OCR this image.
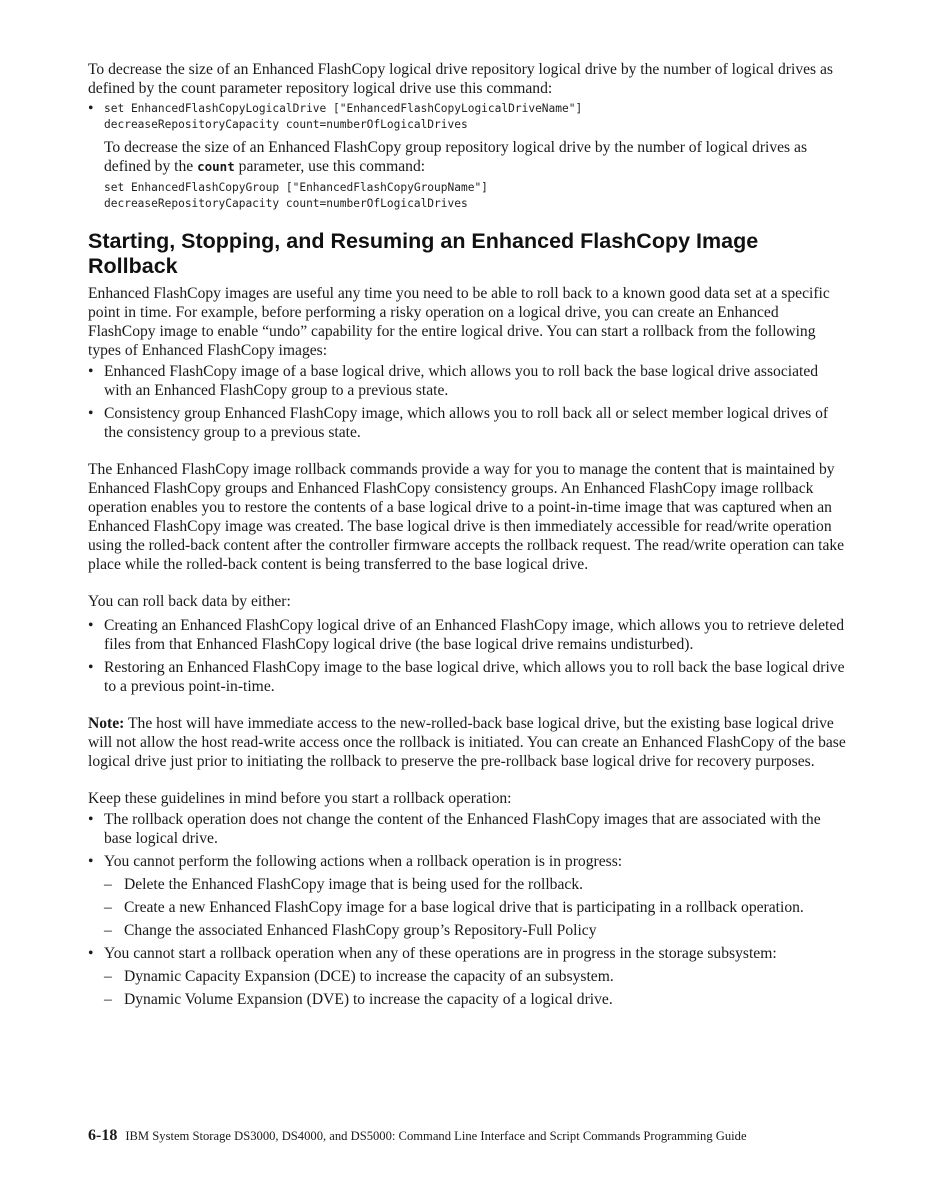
To decrease the size of an Enhanced FlashCopy logical drive repository logical drive by the number of logical drives as defined by the count parameter repository logical drive use this command:

• set EnhancedFlashCopyLogicalDrive ["EnhancedFlashCopyLogicalDriveName"]
decreaseRepositoryCapacity count=numberOfLogicalDrives

To decrease the size of an Enhanced FlashCopy group repository logical drive by the number of logical drives as defined by the count parameter, use this command:

set EnhancedFlashCopyGroup ["EnhancedFlashCopyGroupName"]
decreaseRepositoryCapacity count=numberOfLogicalDrives
Starting, Stopping, and Resuming an Enhanced FlashCopy Image Rollback

Enhanced FlashCopy images are useful any time you need to be able to roll back to a known good data set at a specific point in time. For example, before performing a risky operation on a logical drive, you can create an Enhanced FlashCopy image to enable “undo” capability for the entire logical drive. You can start a rollback from the following types of Enhanced FlashCopy images:

• Enhanced FlashCopy image of a base logical drive, which allows you to roll back the base logical drive associated with an Enhanced FlashCopy group to a previous state.
• Consistency group Enhanced FlashCopy image, which allows you to roll back all or select member logical drives of the consistency group to a previous state.

The Enhanced FlashCopy image rollback commands provide a way for you to manage the content that is maintained by Enhanced FlashCopy groups and Enhanced FlashCopy consistency groups. An Enhanced FlashCopy image rollback operation enables you to restore the contents of a base logical drive to a point-in-time image that was captured when an Enhanced FlashCopy image was created. The base logical drive is then immediately accessible for read/write operation using the rolled-back content after the controller firmware accepts the rollback request. The read/write operation can take place while the rolled-back content is being transferred to the base logical drive.

You can roll back data by either:

• Creating an Enhanced FlashCopy logical drive of an Enhanced FlashCopy image, which allows you to retrieve deleted files from that Enhanced FlashCopy logical drive (the base logical drive remains undisturbed).
• Restoring an Enhanced FlashCopy image to the base logical drive, which allows you to roll back the base logical drive to a previous point-in-time.

Note: The host will have immediate access to the new-rolled-back base logical drive, but the existing base logical drive will not allow the host read-write access once the rollback is initiated. You can create an Enhanced FlashCopy of the base logical drive just prior to initiating the rollback to preserve the pre-rollback base logical drive for recovery purposes.

Keep these guidelines in mind before you start a rollback operation:

• The rollback operation does not change the content of the Enhanced FlashCopy images that are associated with the base logical drive.
• You cannot perform the following actions when a rollback operation is in progress:
– Delete the Enhanced FlashCopy image that is being used for the rollback.
– Create a new Enhanced FlashCopy image for a base logical drive that is participating in a rollback operation.
– Change the associated Enhanced FlashCopy group’s Repository-Full Policy
• You cannot start a rollback operation when any of these operations are in progress in the storage subsystem:
– Dynamic Capacity Expansion (DCE) to increase the capacity of an subsystem.
– Dynamic Volume Expansion (DVE) to increase the capacity of a logical drive.
6-18 IBM System Storage DS3000, DS4000, and DS5000: Command Line Interface and Script Commands Programming Guide
